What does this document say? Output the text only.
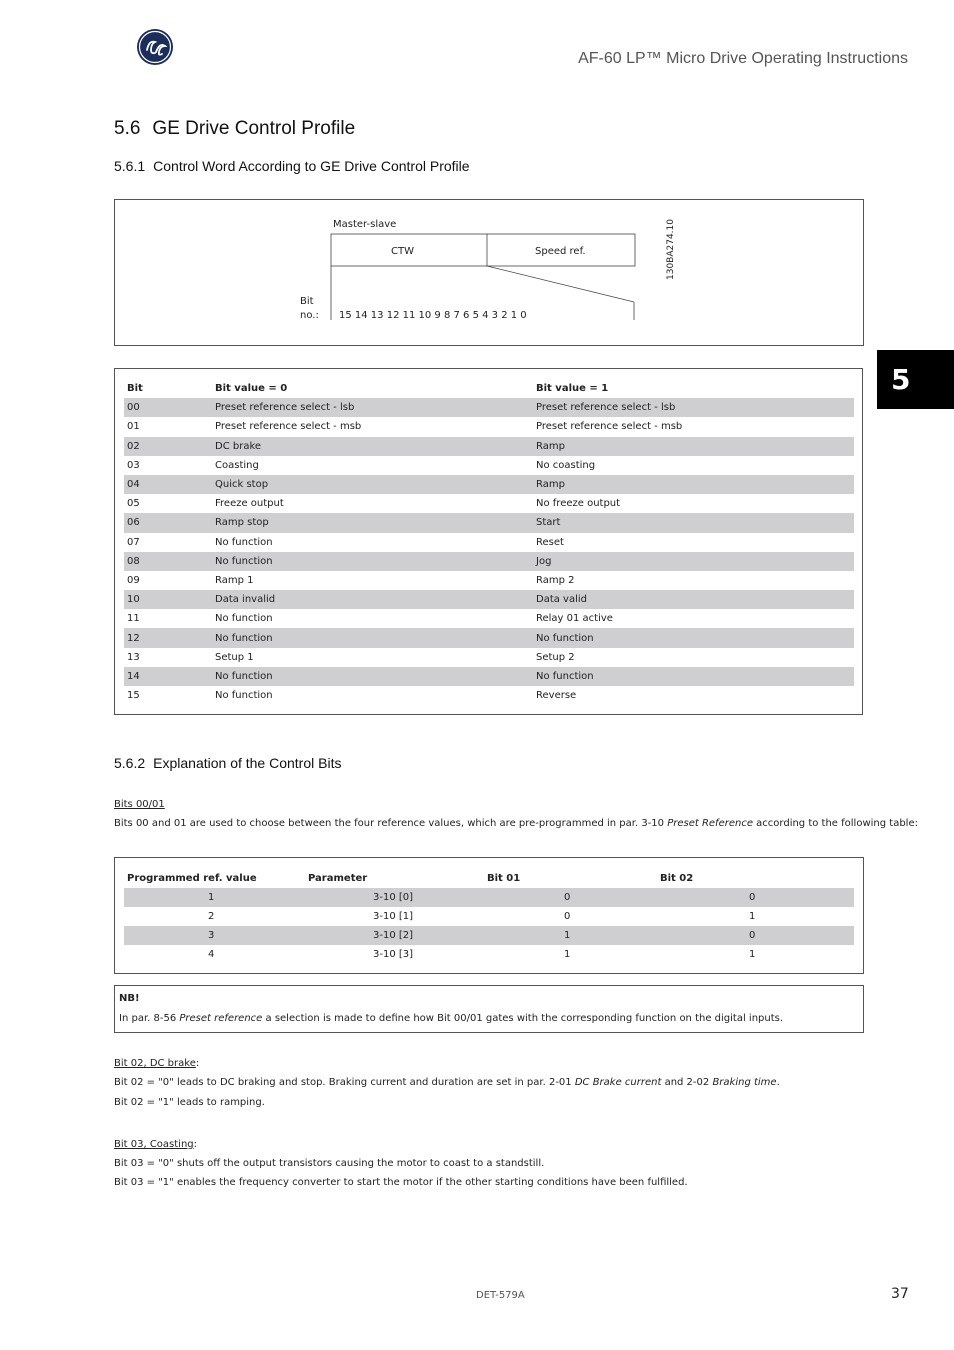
AF-60 LP™ Micro Drive Operating Instructions
5
5.6 GE Drive Control Profile
5.6.1 Control Word According to GE Drive Control Profile
Master-slave
CTW	Speed ref.
Bit
no.: 15 14 13 12 11 10 9 8 7 6 5 4 3 2 1 0
130BA274.10
Bit	Bit value = 0	Bit value = 1
00	Preset reference select - lsb	Preset reference select - lsb
01	Preset reference select - msb	Preset reference select - msb
02	DC brake	Ramp
03	Coasting	No coasting
04	Quick stop	Ramp
05	Freeze output	No freeze output
06	Ramp stop	Start
07	No function	Reset
08	No function	Jog
09	Ramp 1	Ramp 2
10	Data invalid	Data valid
11	No function	Relay 01 active
12	No function	No function
13	Setup 1	Setup 2
14	No function	No function
15	No function	Reverse
5.6.2 Explanation of the Control Bits
Bits 00/01
Bits 00 and 01 are used to choose between the four reference values, which are pre-programmed in par. 3-10 Preset Reference according to the following table:
Programmed ref. value	Parameter	Bit 01	Bit 02
1	3-10 [0]	0	0
2	3-10 [1]	0	1
3	3-10 [2]	1	0
4	3-10 [3]	1	1
NB!
In par. 8-56 Preset reference a selection is made to define how Bit 00/01 gates with the corresponding function on the digital inputs.
Bit 02, DC brake:
Bit 02 = "0" leads to DC braking and stop. Braking current and duration are set in par. 2-01 DC Brake current and 2-02 Braking time.
Bit 02 = "1" leads to ramping.
Bit 03, Coasting:
Bit 03 = "0" shuts off the output transistors causing the motor to coast to a standstill.
Bit 03 = "1" enables the frequency converter to start the motor if the other starting conditions have been fulfilled.
DET-579A	37
